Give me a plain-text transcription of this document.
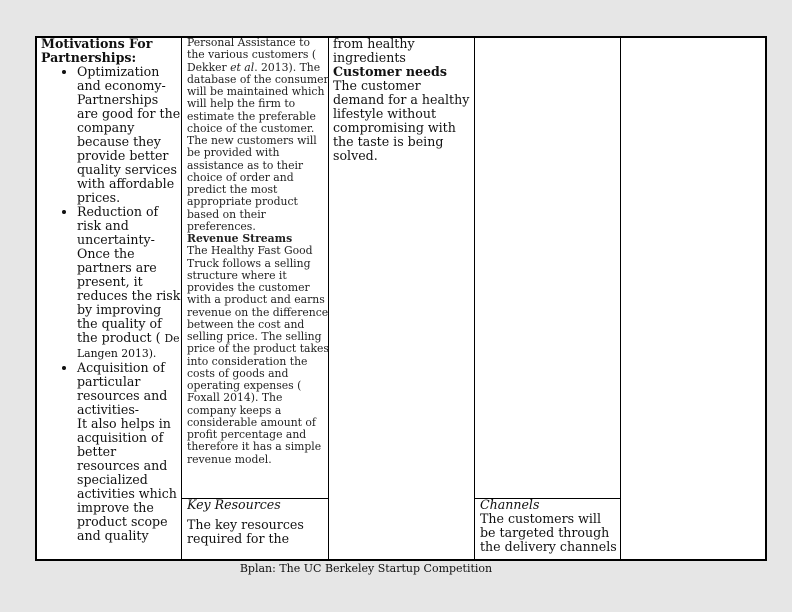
Motivations For Partnerships:
• Optimization and economy- Partnerships are good for the company because they provide better quality services with affordable prices.
• Reduction of risk and uncertainty- Once the partners are present, it reduces the risk by improving the quality of the product ( De Langen 2013).
• Acquisition of particular resources and activities-
It also helps in acquisition of better resources and specialized activities which improve the product scope and quality

Personal Assistance to the various customers ( Dekker et al. 2013). The database of the consumer will be maintained which will help the firm to estimate the preferable choice of the customer. The new customers will be provided with assistance as to their choice of order and predict the most appropriate product based on their preferences.

Revenue Streams

The Healthy Fast Good Truck follows a selling structure where it provides the customer with a product and earns revenue on the difference between the cost and selling price. The selling price of the product takes into consideration the costs of goods and operating expenses ( Foxall 2014). The company keeps a considerable amount of profit percentage and therefore it has a simple revenue model.

from healthy ingredients

Customer needs

The customer demand for a healthy lifestyle without compromising with the taste is being solved.

Key Resources

The key resources required for the

Channels

The customers will be targeted through the delivery channels

Bplan: The UC Berkeley Startup Competition
